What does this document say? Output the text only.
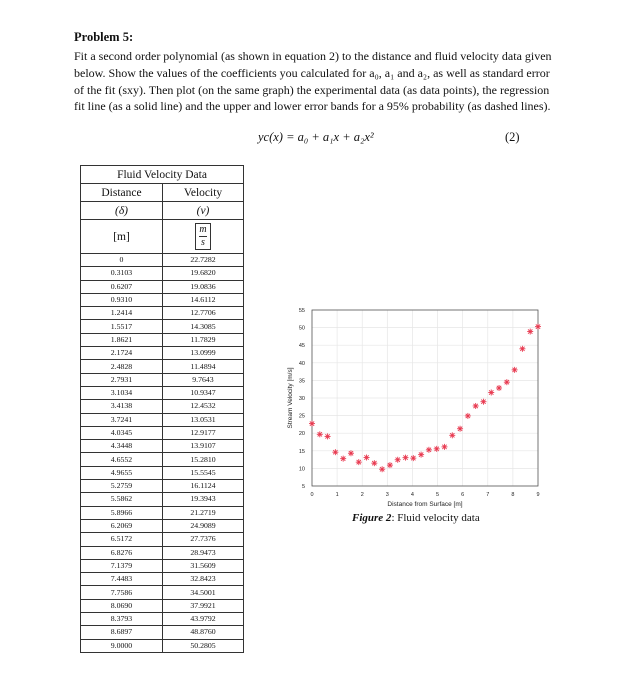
Problem 5:
Fit a second order polynomial (as shown in equation 2) to the distance and fluid velocity data given below. Show the values of the coefficients you calculated for a₀, a₁ and a₂, as well as standard error of the fit (sxy). Then plot (on the same graph) the experimental data (as data points), the regression fit line (as a solid line) and the upper and lower error bands for a 95% probability (as dashed lines).
yc(x) = a₀ + a₁x + a₂x²	(2)
Fluid Velocity Data	
Distance	Velocity
(δ)	(v)
[m]	$\frac{m}{s}$

0	22.7282
0.3103	19.6820
0.6207	19.0836
0.9310	14.6112
1.2414	12.7706
1.5517	14.3085
1.8621	11.7829
2.1724	13.0999
2.4828	11.4894
2.7931	9.7643
3.1034	10.9347
3.4138	12.4532
3.7241	13.0531
4.0345	12.9177
4.3448	13.9107
4.6552	15.2810
4.9655	15.5545
5.2759	16.1124
5.5862	19.3943
5.8966	21.2719
6.2069	24.9089
6.5172	27.7376
6.8276	28.9473
7.1379	31.5609
7.4483	32.8423
7.7586	34.5001
8.0690	37.9921
8.3793	43.9792
8.6897	48.8760
9.0000	50.2805
0	1	2	3	4	5	6	7	8	9
5
10
15
20
25
30
35
40
45
50
55
Distance from Surface [m]
Stream Velocity [m/s]
Figure 2: Fluid velocity data
